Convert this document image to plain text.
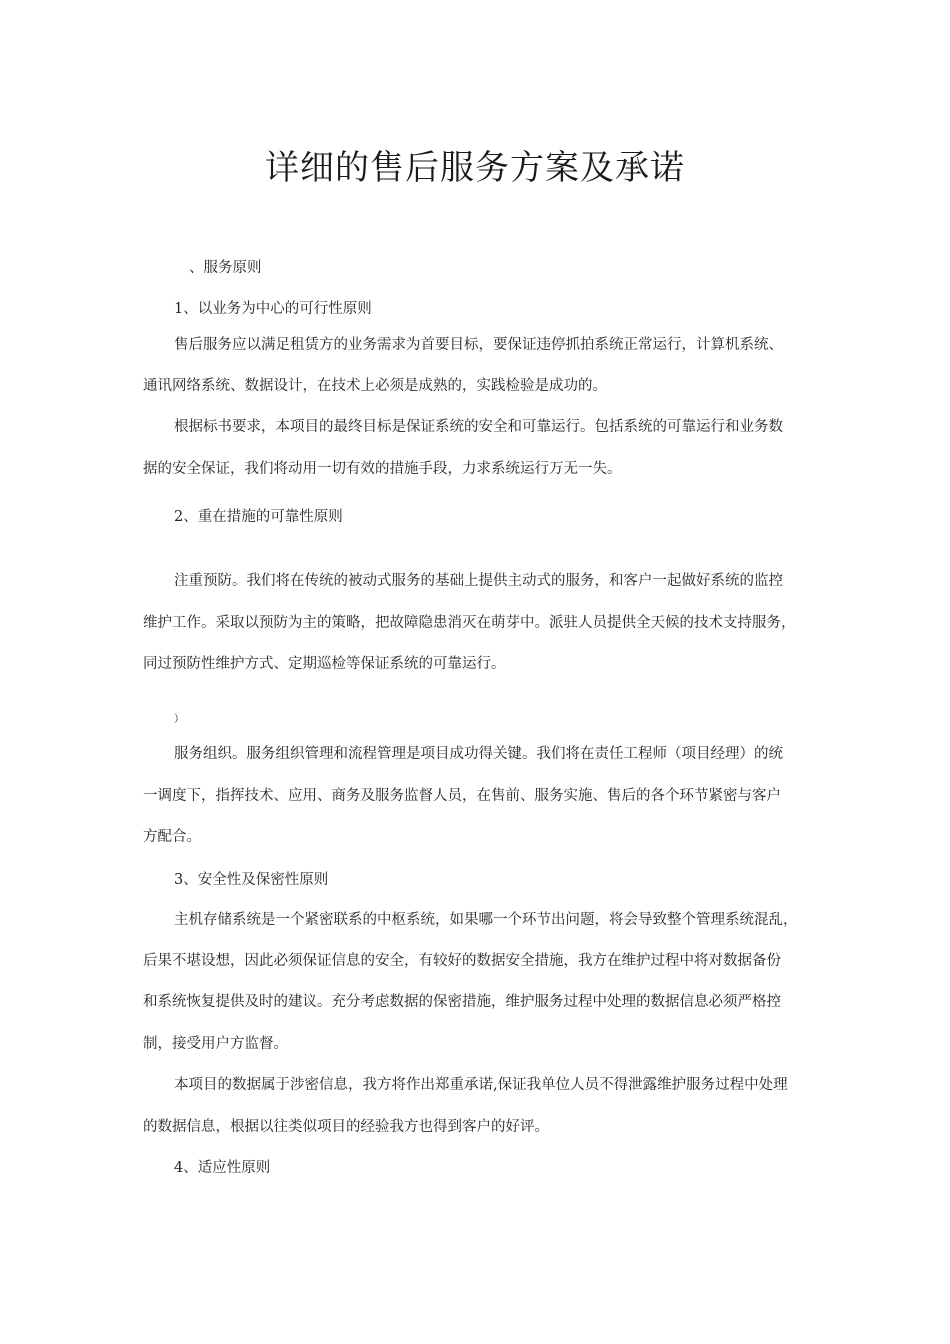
详细的售后服务方案及承诺
、服务原则
1、以业务为中心的可行性原则
售后服务应以满足租赁方的业务需求为首要目标，要保证违停抓拍系统正常运行，计算机系统、
通讯网络系统、数据设计，在技术上必须是成熟的，实践检验是成功的。
根据标书要求，本项目的最终目标是保证系统的安全和可靠运行。包括系统的可靠运行和业务数
据的安全保证，我们将动用一切有效的措施手段，力求系统运行万无一失。
2、重在措施的可靠性原则
注重预防。我们将在传统的被动式服务的基础上提供主动式的服务，和客户一起做好系统的监控
维护工作。采取以预防为主的策略，把故障隐患消灭在萌芽中。派驻人员提供全天候的技术支持服务，
同过预防性维护方式、定期巡检等保证系统的可靠运行。
）
服务组织。服务组织管理和流程管理是项目成功得关键。我们将在责任工程师（项目经理）的统
一调度下，指挥技术、应用、商务及服务监督人员，在售前、服务实施、售后的各个环节紧密与客户
方配合。
3、安全性及保密性原则
主机存储系统是一个紧密联系的中枢系统，如果哪一个环节出问题，将会导致整个管理系统混乱，
后果不堪设想，因此必须保证信息的安全，有较好的数据安全措施，我方在维护过程中将对数据备份
和系统恢复提供及时的建议。充分考虑数据的保密措施，维护服务过程中处理的数据信息必须严格控
制，接受用户方监督。
本项目的数据属于涉密信息，我方将作出郑重承诺,保证我单位人员不得泄露维护服务过程中处理
的数据信息，根据以往类似项目的经验我方也得到客户的好评。
4、适应性原则
